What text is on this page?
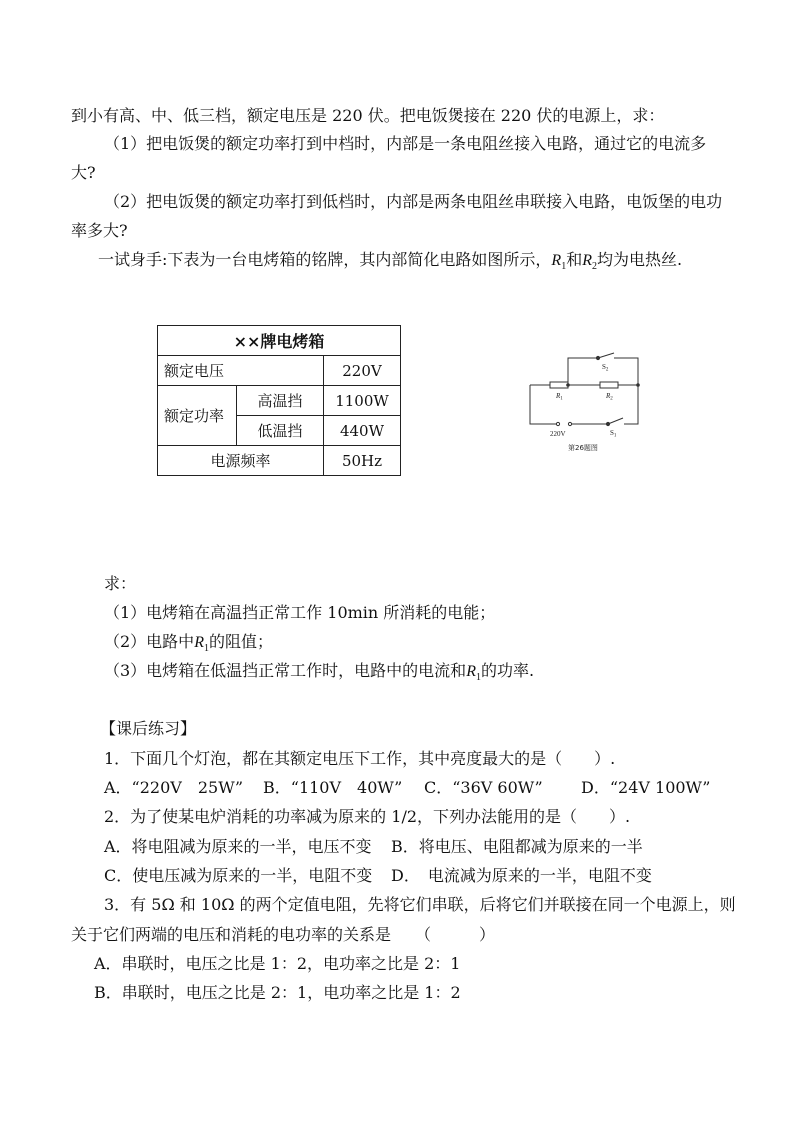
到小有高、中、低三档，额定电压是 220 伏。把电饭煲接在 220 伏的电源上，求：
（1）把电饭煲的额定功率打到中档时，内部是一条电阻丝接入电路，通过它的电流多
大?
（2）把电饭煲的额定功率打到低档时，内部是两条电阻丝串联接入电路，电饭堡的电功
率多大?
一试身手:下表为一台电烤箱的铭牌，其内部简化电路如图所示，$R_1$和$R_2$均为电热丝.
××牌电烤箱		
额定电压		220V
额定功率	高温挡	1100W
	低温挡	440W
电源频率		50Hz
$S_2$
$R_1$	$R_2$
220V	$S_1$
第26题图
求：
（1）电烤箱在高温挡正常工作 10min 所消耗的电能；
（2）电路中$R_1$的阻值；
（3）电烤箱在低温挡正常工作时，电路中的电流和$R_1$的功率.
【课后练习】
1．下面几个灯泡，都在其额定电压下工作，其中亮度最大的是（　　）.
A．“220V　25W” B．“110V　40W” C．“36V 60W” D．“24V 100W”
2．为了使某电炉消耗的功率减为原来的 1/2，下列办法能用的是（　　）.
A．将电阻减为原来的一半，电压不变 B．将电压、电阻都减为原来的一半
C．使电压减为原来的一半，电阻不变 D．　电流减为原来的一半，电阻不变
3．有 5Ω 和 10Ω 的两个定值电阻，先将它们串联，后将它们并联接在同一个电源上，则
关于它们两端的电压和消耗的电功率的关系是　　（　　　）
A．串联时，电压之比是 1：2，电功率之比是 2：1
B．串联时，电压之比是 2：1，电功率之比是 1：2
